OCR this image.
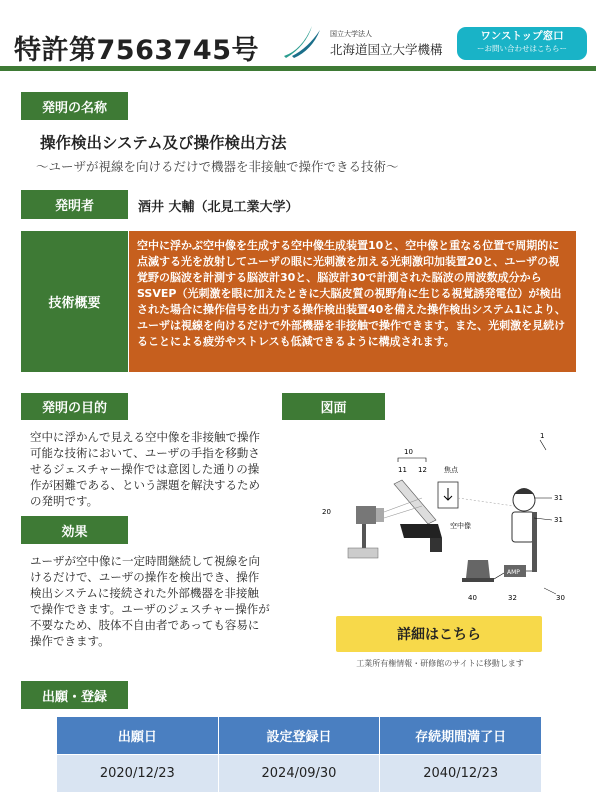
特許第7563745号
国立大学法人
北海道国立大学機構
ワンストップ窓口
ーお問い合わせはこちらー
発明の名称
操作検出システム及び操作検出方法
〜ユーザが視線を向けるだけで機器を非接触で操作できる技術〜
発明者	酒井 大輔（北見工業大学）
技術概要
空中に浮かぶ空中像を生成する空中像生成装置10と、空中像と重なる位置で周期的に点滅する光を放射してユーザの眼に光刺激を加える光刺激印加装置20と、ユーザの視覚野の脳波を計測する脳波計30と、脳波計30で計測された脳波の周波数成分からSSVEP（光刺激を眼に加えたときに大脳皮質の視野角に生じる視覚誘発電位）が検出された場合に操作信号を出力する操作検出装置40を備えた操作検出システム1により、ユーザは視線を向けるだけで外部機器を非接触で操作できます。また、光刺激を見続けることによる疲労やストレスも低減できるように構成されます。
発明の目的
空中に浮かんで見える空中像を非接触で操作可能な技術において、ユーザの手指を移動させるジェスチャー操作では意図した通りの操作が困難である、という課題を解決するための発明です。
効果
ユーザが空中像に一定時間継続して視線を向けるだけで、ユーザの操作を検出でき、操作検出システムに接続された外部機器を非接触で操作できます。ユーザのジェスチャー操作が不要なため、肢体不自由者であっても容易に操作できます。
図面
1
10
11 12 焦点
空中像
20
31
31
AMP
40	32	30
詳細はこちら
工業所有権情報・研修館のサイトに移動します
出願・登録
出願日	設定登録日	存続期間満了日
2020/12/23	2024/09/30	2040/12/23
